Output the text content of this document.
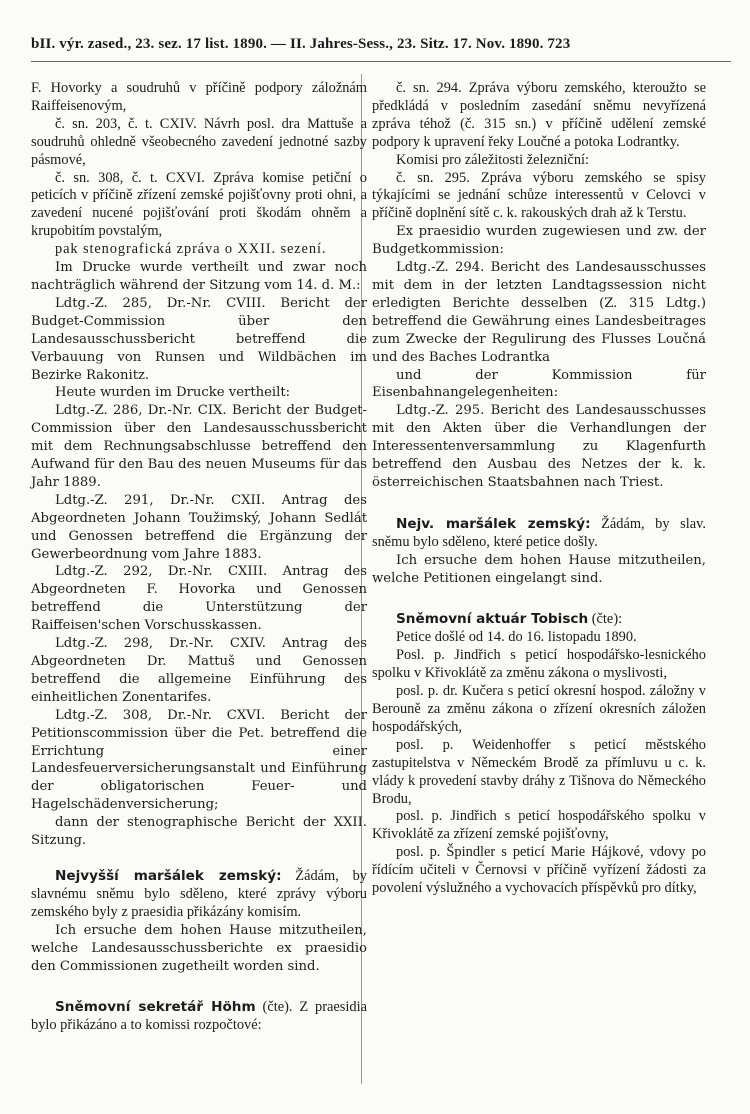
bII. výr. zased., 23. sez. 17 list. 1890. — II. Jahres-Sess., 23. Sitz. 17. Nov. 1890. 723

F. Hovorky a soudruhů v příčině podpory záložnám Raiffeisenovým,

č. sn. 203, č. t. CXIV. Návrh posl. dra Mattuše a soudruhů ohledně všeobecného zavedení jednotné sazby pásmové,

č. sn. 308, č. t. CXVI. Zpráva komise petiční o peticích v příčině zřízení zemské pojišťovny proti ohni, a zavedení nucené pojišťování proti škodám ohněm a krupobitím povstalým,

pak stenografická zpráva o XXII. sezení.

Im Drucke wurde vertheilt und zwar noch nachträglich während der Sitzung vom 14. d. M.:

Ldtg.-Z. 285, Dr.-Nr. CVIII. Bericht der Budget-Commission über den Landesausschussbericht betreffend die Verbauung von Runsen und Wildbächen im Bezirke Rakonitz.

Heute wurden im Drucke vertheilt:

Ldtg.-Z. 286, Dr.-Nr. CIX. Bericht der Budget-Commission über den Landesausschussbericht mit dem Rechnungsabschlusse betreffend den Aufwand für den Bau des neuen Museums für das Jahr 1889.

Ldtg.-Z. 291, Dr.-Nr. CXII. Antrag des Abgeordneten Johann Toužimský, Johann Sedlát und Genossen betreffend die Ergänzung der Gewerbeordnung vom Jahre 1883.

Ldtg.-Z. 292, Dr.-Nr. CXIII. Antrag des Abgeordneten F. Hovorka und Genossen betreffend die Unterstützung der Raiffeisen'schen Vorschusskassen.

Ldtg.-Z. 298, Dr.-Nr. CXIV. Antrag des Abgeordneten Dr. Mattuš und Genossen betreffend die allgemeine Einführung des einheitlichen Zonentarifes.

Ldtg.-Z. 308, Dr.-Nr. CXVI. Bericht der Petitionscommission über die Pet. betreffend die Errichtung einer Landesfeuerversicherungsanstalt und Einführung der obligatorischen Feuer- und Hagelschädenversicherung;

dann der stenographische Bericht der XXII. Sitzung.

Nejvyšší maršálek zemský: Žádám, by slavnému sněmu bylo sděleno, které zprávy výboru zemského byly z praesidia přikázány komisím.

Ich ersuche dem hohen Hause mitzutheilen, welche Landesausschussberichte ex praesidio den Commissionen zugetheilt worden sind.

Sněmovní sekretář Höhm (čte). Z praesidia bylo přikázáno a to komissi rozpočtové:

č. sn. 294. Zpráva výboru zemského, kteroužto se předkládá v posledním zasedání sněmu nevyřízená zpráva téhož (č. 315 sn.) v příčině udělení zemské podpory k upravení řeky Loučné a potoka Lodrantky.

Komisi pro záležitosti železniční:

č. sn. 295. Zpráva výboru zemského se spisy týkajícími se jednání schůze interessentů v Celovci v příčině doplnění sítě c. k. rakouských drah až k Terstu.

Ex praesidio wurden zugewiesen und zw. der Budgetkommission:

Ldtg.-Z. 294. Bericht des Landesausschusses mit dem in der letzten Landtagssession nicht erledigten Berichte desselben (Z. 315 Ldtg.) betreffend die Gewährung eines Landesbeitrages zum Zwecke der Regulirung des Flusses Loučná und des Baches Lodrantka

und der Kommission für Eisenbahnangelegenheiten:

Ldtg.-Z. 295. Bericht des Landesausschusses mit den Akten über die Verhandlungen der Interessentenversammlung zu Klagenfurth betreffend den Ausbau des Netzes der k. k. österreichischen Staatsbahnen nach Triest.

Nejv. maršálek zemský: Žádám, by slav. sněmu bylo sděleno, které petice došly.

Ich ersuche dem hohen Hause mitzutheilen, welche Petitionen eingelangt sind.

Sněmovní aktuár Tobisch (čte):

Petice došlé od 14. do 16. listopadu 1890.

Posl. p. Jindřich s peticí hospodářsko-lesnického spolku v Křivoklátě za změnu zákona o myslivosti,

posl. p. dr. Kučera s peticí okresní hospod. záložny v Berouně za změnu zákona o zřízení okresních záložen hospodářských,

posl. p. Weidenhoffer s peticí městského zastupitelstva v Německém Brodě za přímluvu u c. k. vlády k provedení stavby dráhy z Tišnova do Německého Brodu,

posl. p. Jindřich s peticí hospodářského spolku v Křivoklátě za zřízení zemské pojišťovny,

posl. p. Špindler s peticí Marie Hájkové, vdovy po řídícím učiteli v Černovsi v příčině vyřízení žádosti za povolení výslužného a vychovacích příspěvků pro dítky,
